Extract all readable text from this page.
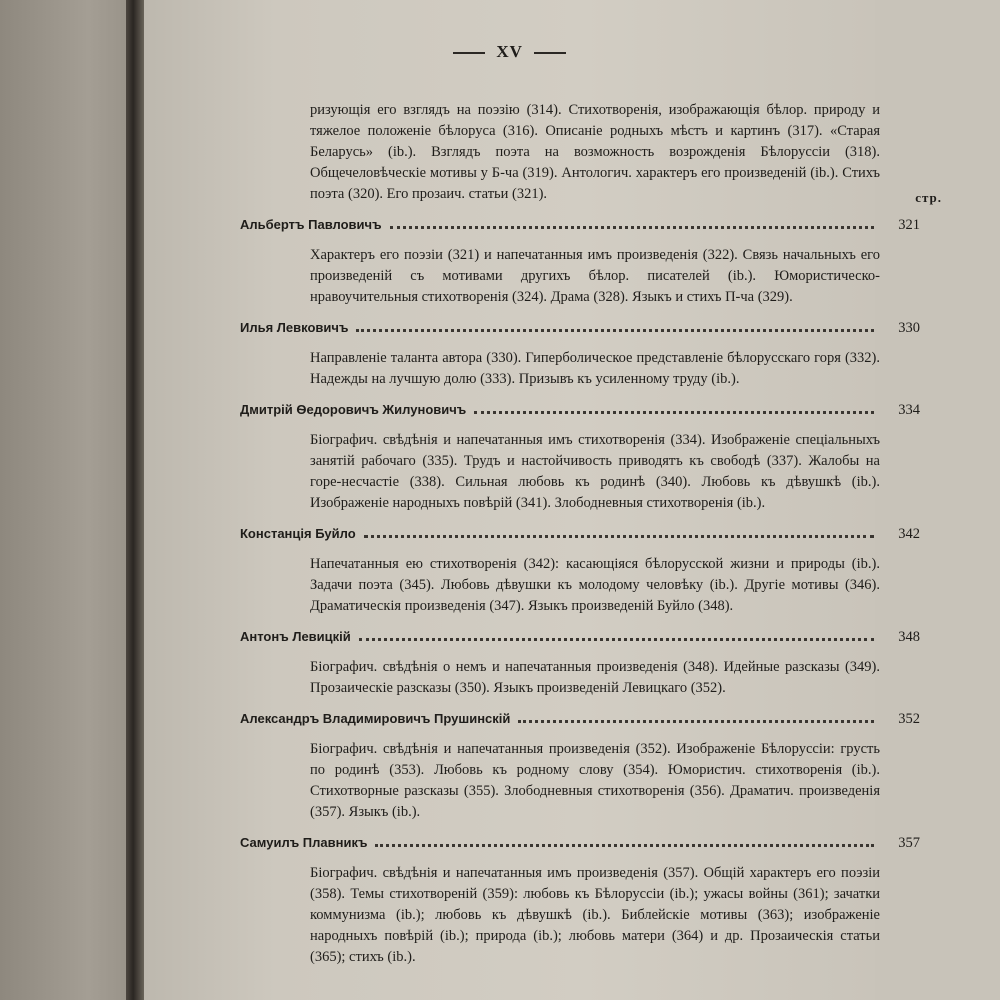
XV
стр.

ризующія его взглядъ на поэзію (314). Стихотворенія, изображающія бѣлор. природу и тяжелое положеніе бѣлоруса (316). Описаніе родныхъ мѣстъ и картинъ (317). «Старая Беларусь» (ib.). Взглядъ поэта на возможность возрожденія Бѣлоруссіи (318). Общечеловѣческіе мотивы у Б-ча (319). Антологич. характеръ его произведеній (ib.). Стихъ поэта (320). Его прозаич. статьи (321).

Альбертъ Павловичъ	321

Характеръ его поэзіи (321) и напечатанныя имъ произведенія (322). Связь начальныхъ его произведеній съ мотивами другихъ бѣлор. писателей (ib.). Юмористическо-нравоучительныя стихотворенія (324). Драма (328). Языкъ и стихъ П-ча (329).

Илья Левковичъ	330

Направленіе таланта автора (330). Гиперболическое представленіе бѣлорусскаго горя (332). Надежды на лучшую долю (333). Призывъ къ усиленному труду (ib.).

Дмитрій Ѳедоровичъ Жилуновичъ	334

Біографич. свѣдѣнія и напечатанныя имъ стихотворенія (334). Изображеніе спеціальныхъ занятій рабочаго (335). Трудъ и настойчивость приводятъ къ свободѣ (337). Жалобы на горе-несчастіе (338). Сильная любовь къ родинѣ (340). Любовь къ дѣвушкѣ (ib.). Изображеніе народныхъ повѣрій (341). Злободневныя стихотворенія (ib.).

Констанція Буйло	342

Напечатанныя ею стихотворенія (342): касающіяся бѣлорусской жизни и природы (ib.). Задачи поэта (345). Любовь дѣвушки къ молодому человѣку (ib.). Другіе мотивы (346). Драматическія произведенія (347). Языкъ произведеній Буйло (348).

Антонъ Левицкій	348

Біографич. свѣдѣнія о немъ и напечатанныя произведенія (348). Идейные разсказы (349). Прозаическіе разсказы (350). Языкъ произведеній Левицкаго (352).

Александръ Владимировичъ Прушинскій	352

Біографич. свѣдѣнія и напечатанныя произведенія (352). Изображеніе Бѣлоруссіи: грусть по родинѣ (353). Любовь къ родному слову (354). Юмористич. стихотворенія (ib.). Стихотворные разсказы (355). Злободневныя стихотворенія (356). Драматич. произведенія (357). Языкъ (ib.).

Самуилъ Плавникъ	357

Біографич. свѣдѣнія и напечатанныя имъ произведенія (357). Общій характеръ его поэзіи (358). Темы стихотвореній (359): любовь къ Бѣлоруссіи (ib.); ужасы войны (361); зачатки коммунизма (ib.); любовь къ дѣвушкѣ (ib.). Библейскіе мотивы (363); изображеніе народныхъ повѣрій (ib.); природа (ib.); любовь матери (364) и др. Прозаическія статьи (365); стихъ (ib.).
